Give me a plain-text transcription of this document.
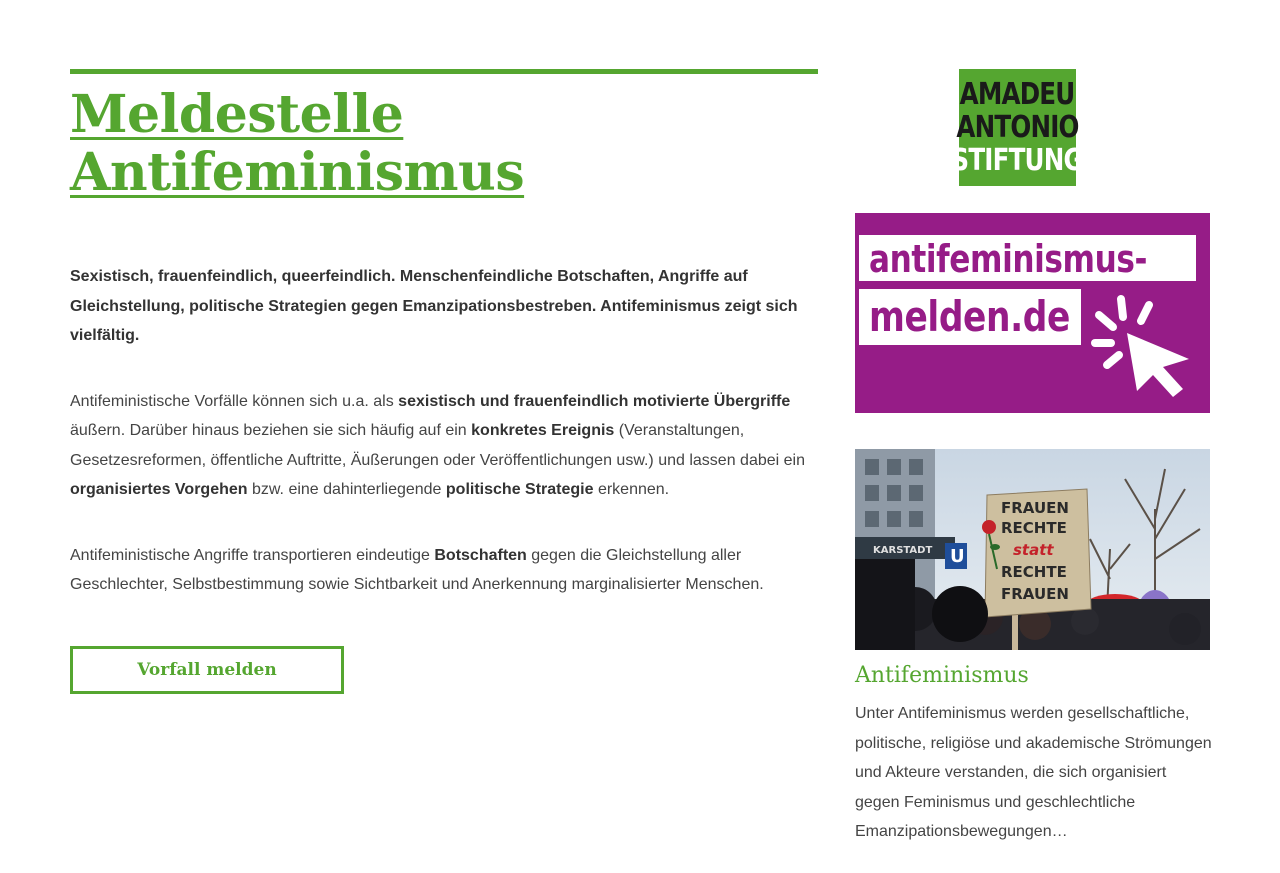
Meldestelle
Antifeminismus

Sexistisch, frauenfeindlich, queerfeindlich. Menschenfeindliche Botschaften, Angriffe auf Gleichstellung, politische Strategien gegen Emanzipationsbestreben. Antifeminismus zeigt sich vielfältig.

Antifeministische Vorfälle können sich u.a. als sexistisch und frauenfeindlich motivierte Übergriffe äußern. Darüber hinaus beziehen sie sich häufig auf ein konkretes Ereignis (Veranstaltungen, Gesetzesreformen, öffentliche Auftritte, Äußerungen oder Veröffentlichungen usw.) und lassen dabei ein organisiertes Vorgehen bzw. eine dahinterliegende politische Strategie erkennen.

Antifeministische Angriffe transportieren eindeutige Botschaften gegen die Gleichstellung aller Geschlechter, Selbstbestimmung sowie Sichtbarkeit und Anerkennung marginalisierter Menschen.

Vorfall melden
AMADEU
ANTONIO
STIFTUNG
antifeminismus-
melden.de
KARSTADT U
FRAUEN
RECHTE
statt
RECHTE
FRAUEN
Antifeminismus

Unter Antifeminismus werden gesellschaftliche, politische, religiöse und akademische Strömungen und Akteure verstanden, die sich organisiert gegen Feminismus und geschlechtliche Emanzipationsbewegungen…
